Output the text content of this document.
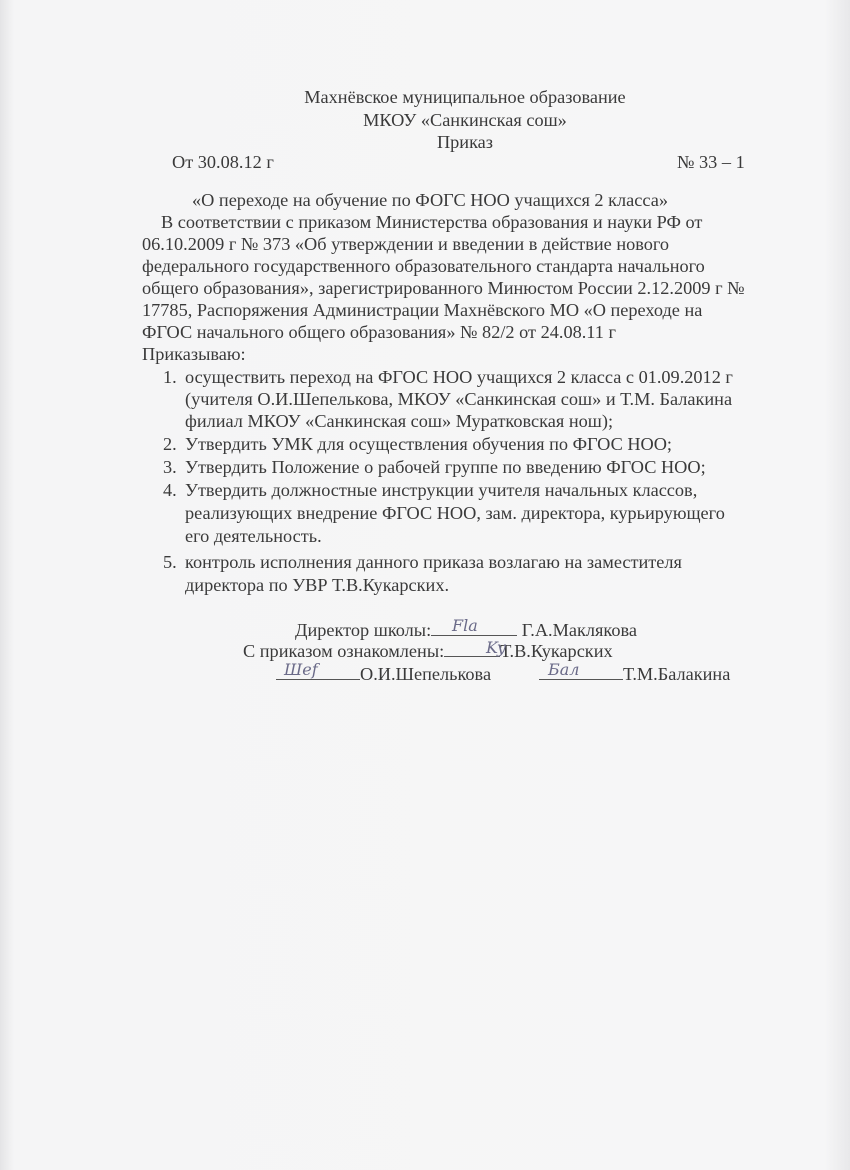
Махнёвское муниципальное образование
МКОУ «Санкинская сош»
Приказ
От 30.08.12 г	№ 33 – 1
«О переходе на обучение по ФОГС НОО учащихся 2 класса»
В соответствии с приказом Министерства образования и науки РФ от
06.10.2009 г № 373 «Об утверждении и введении в действие нового
федерального государственного образовательного стандарта начального
общего образования», зарегистрированного Минюстом России 2.12.2009 г №
17785, Распоряжения Администрации Махнёвского МО «О переходе на
ФГОС начального общего образования» № 82/2 от 24.08.11 г
Приказываю:
1. осуществить переход на ФГОС НОО учащихся 2 класса с 01.09.2012 г
(учителя О.И.Шепелькова, МКОУ «Санкинская сош» и Т.М. Балакина
филиал МКОУ «Санкинская сош» Муратковская нош);
2. Утвердить УМК для осуществления обучения по ФГОС НОО;
3. Утвердить Положение о рабочей группе по введению ФГОС НОО;
4. Утвердить должностные инструкции учителя начальных классов,
реализующих внедрение ФГОС НОО, зам. директора, курьирующего
его деятельность.
5. контроль исполнения данного приказа возлагаю на заместителя
директора по УВР Т.В.Кукарских.
Директор школы:	Г.А.Маклякова
Fla
С приказом ознакомлены:	Т.В.Кукарских
Ky
О.И.Шепелькова
Шеf	Т.М.Балакина
Бал
